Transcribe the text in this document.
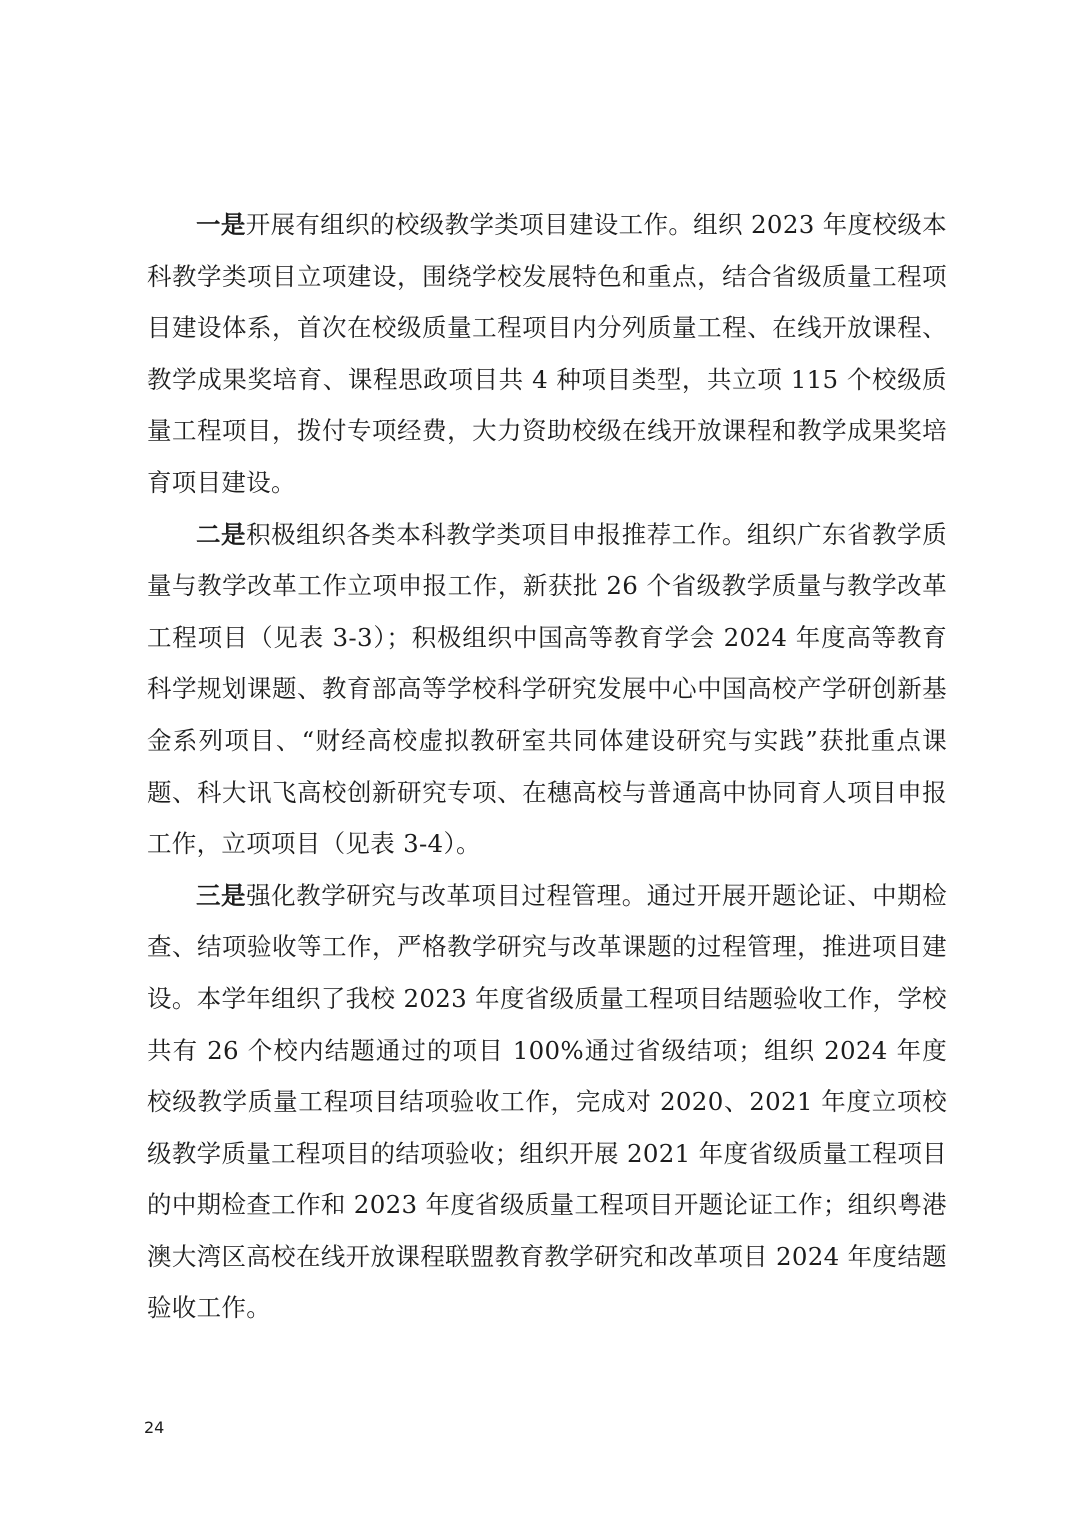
一是开展有组织的校级教学类项目建设工作。组织 2023 年度校级本科教学类项目立项建设，围绕学校发展特色和重点，结合省级质量工程项目建设体系，首次在校级质量工程项目内分列质量工程、在线开放课程、教学成果奖培育、课程思政项目共 4 种项目类型，共立项 115 个校级质量工程项目，拨付专项经费，大力资助校级在线开放课程和教学成果奖培育项目建设。

二是积极组织各类本科教学类项目申报推荐工作。组织广东省教学质量与教学改革工作立项申报工作，新获批 26 个省级教学质量与教学改革工程项目（见表 3-3）；积极组织中国高等教育学会 2024 年度高等教育科学规划课题、教育部高等学校科学研究发展中心中国高校产学研创新基金系列项目、“财经高校虚拟教研室共同体建设研究与实践”获批重点课题、科大讯飞高校创新研究专项、在穗高校与普通高中协同育人项目申报工作，立项项目（见表 3-4）。

三是强化教学研究与改革项目过程管理。通过开展开题论证、中期检查、结项验收等工作，严格教学研究与改革课题的过程管理，推进项目建设。本学年组织了我校 2023 年度省级质量工程项目结题验收工作，学校共有 26 个校内结题通过的项目 100%通过省级结项；组织 2024 年度校级教学质量工程项目结项验收工作，完成对 2020、2021 年度立项校级教学质量工程项目的结项验收；组织开展 2021 年度省级质量工程项目的中期检查工作和 2023 年度省级质量工程项目开题论证工作；组织粤港澳大湾区高校在线开放课程联盟教育教学研究和改革项目 2024 年度结题验收工作。

24
